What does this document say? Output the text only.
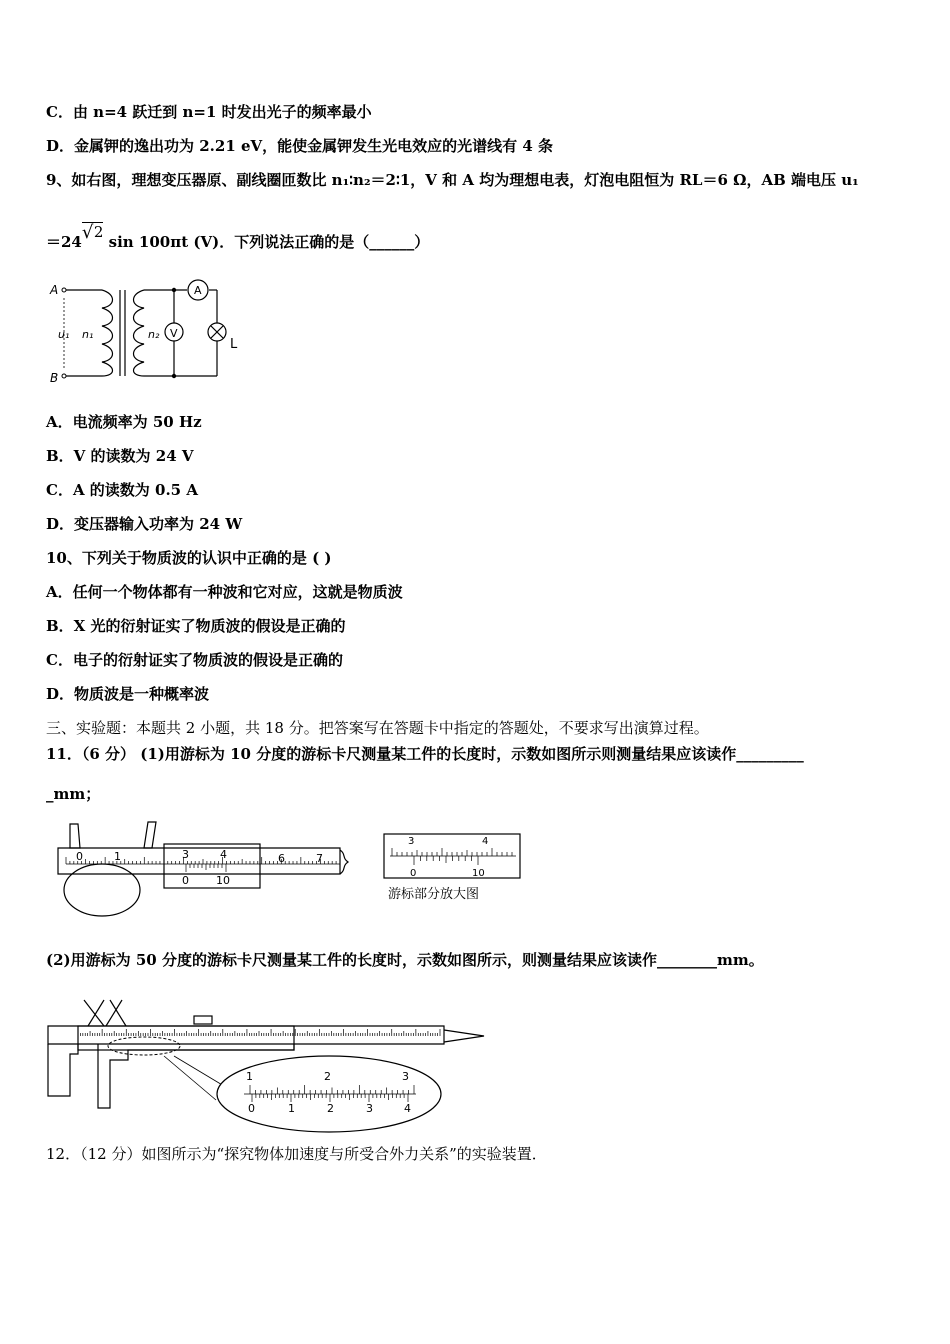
C．由 n=4 跃迁到 n=1 时发出光子的频率最小
D．金属钾的逸出功为 2.21 eV，能使金属钾发生光电效应的光谱线有 4 条
9、如右图，理想变压器原、副线圈匝数比 n₁∶n₂＝2∶1，V 和 A 均为理想电表，灯泡电阻恒为 RL＝6 Ω，AB 端电压 u₁
＝24 √ 2 sin 100πt (V)．下列说法正确的是（______）
A
B
u₁ n₁	n₂ V
A
L
A．电流频率为 50 Hz
B．V 的读数为 24 V
C．A 的读数为 0.5 A
D．变压器输入功率为 24 W
10、下列关于物质波的认识中正确的是 ( )
A．任何一个物体都有一种波和它对应，这就是物质波
B．X 光的衍射证实了物质波的假设是正确的
C．电子的衍射证实了物质波的假设是正确的
D．物质波是一种概率波
三、实验题：本题共 2 小题，共 18 分。把答案写在答题卡中指定的答题处，不要求写出演算过程。
11．（6 分） (1)用游标为 10 分度的游标卡尺测量某工件的长度时，示数如图所示则测量结果应该读作_________
_mm；
0	1	3	4	6	7
0 10
3	4
0	10
游标部分放大图
(2)用游标为 50 分度的游标卡尺测量某工件的长度时，示数如图所示，则测量结果应该读作________mm。
1	2	3
0	1	2	3	4
12．（12 分）如图所示为“探究物体加速度与所受合外力关系”的实验装置．
